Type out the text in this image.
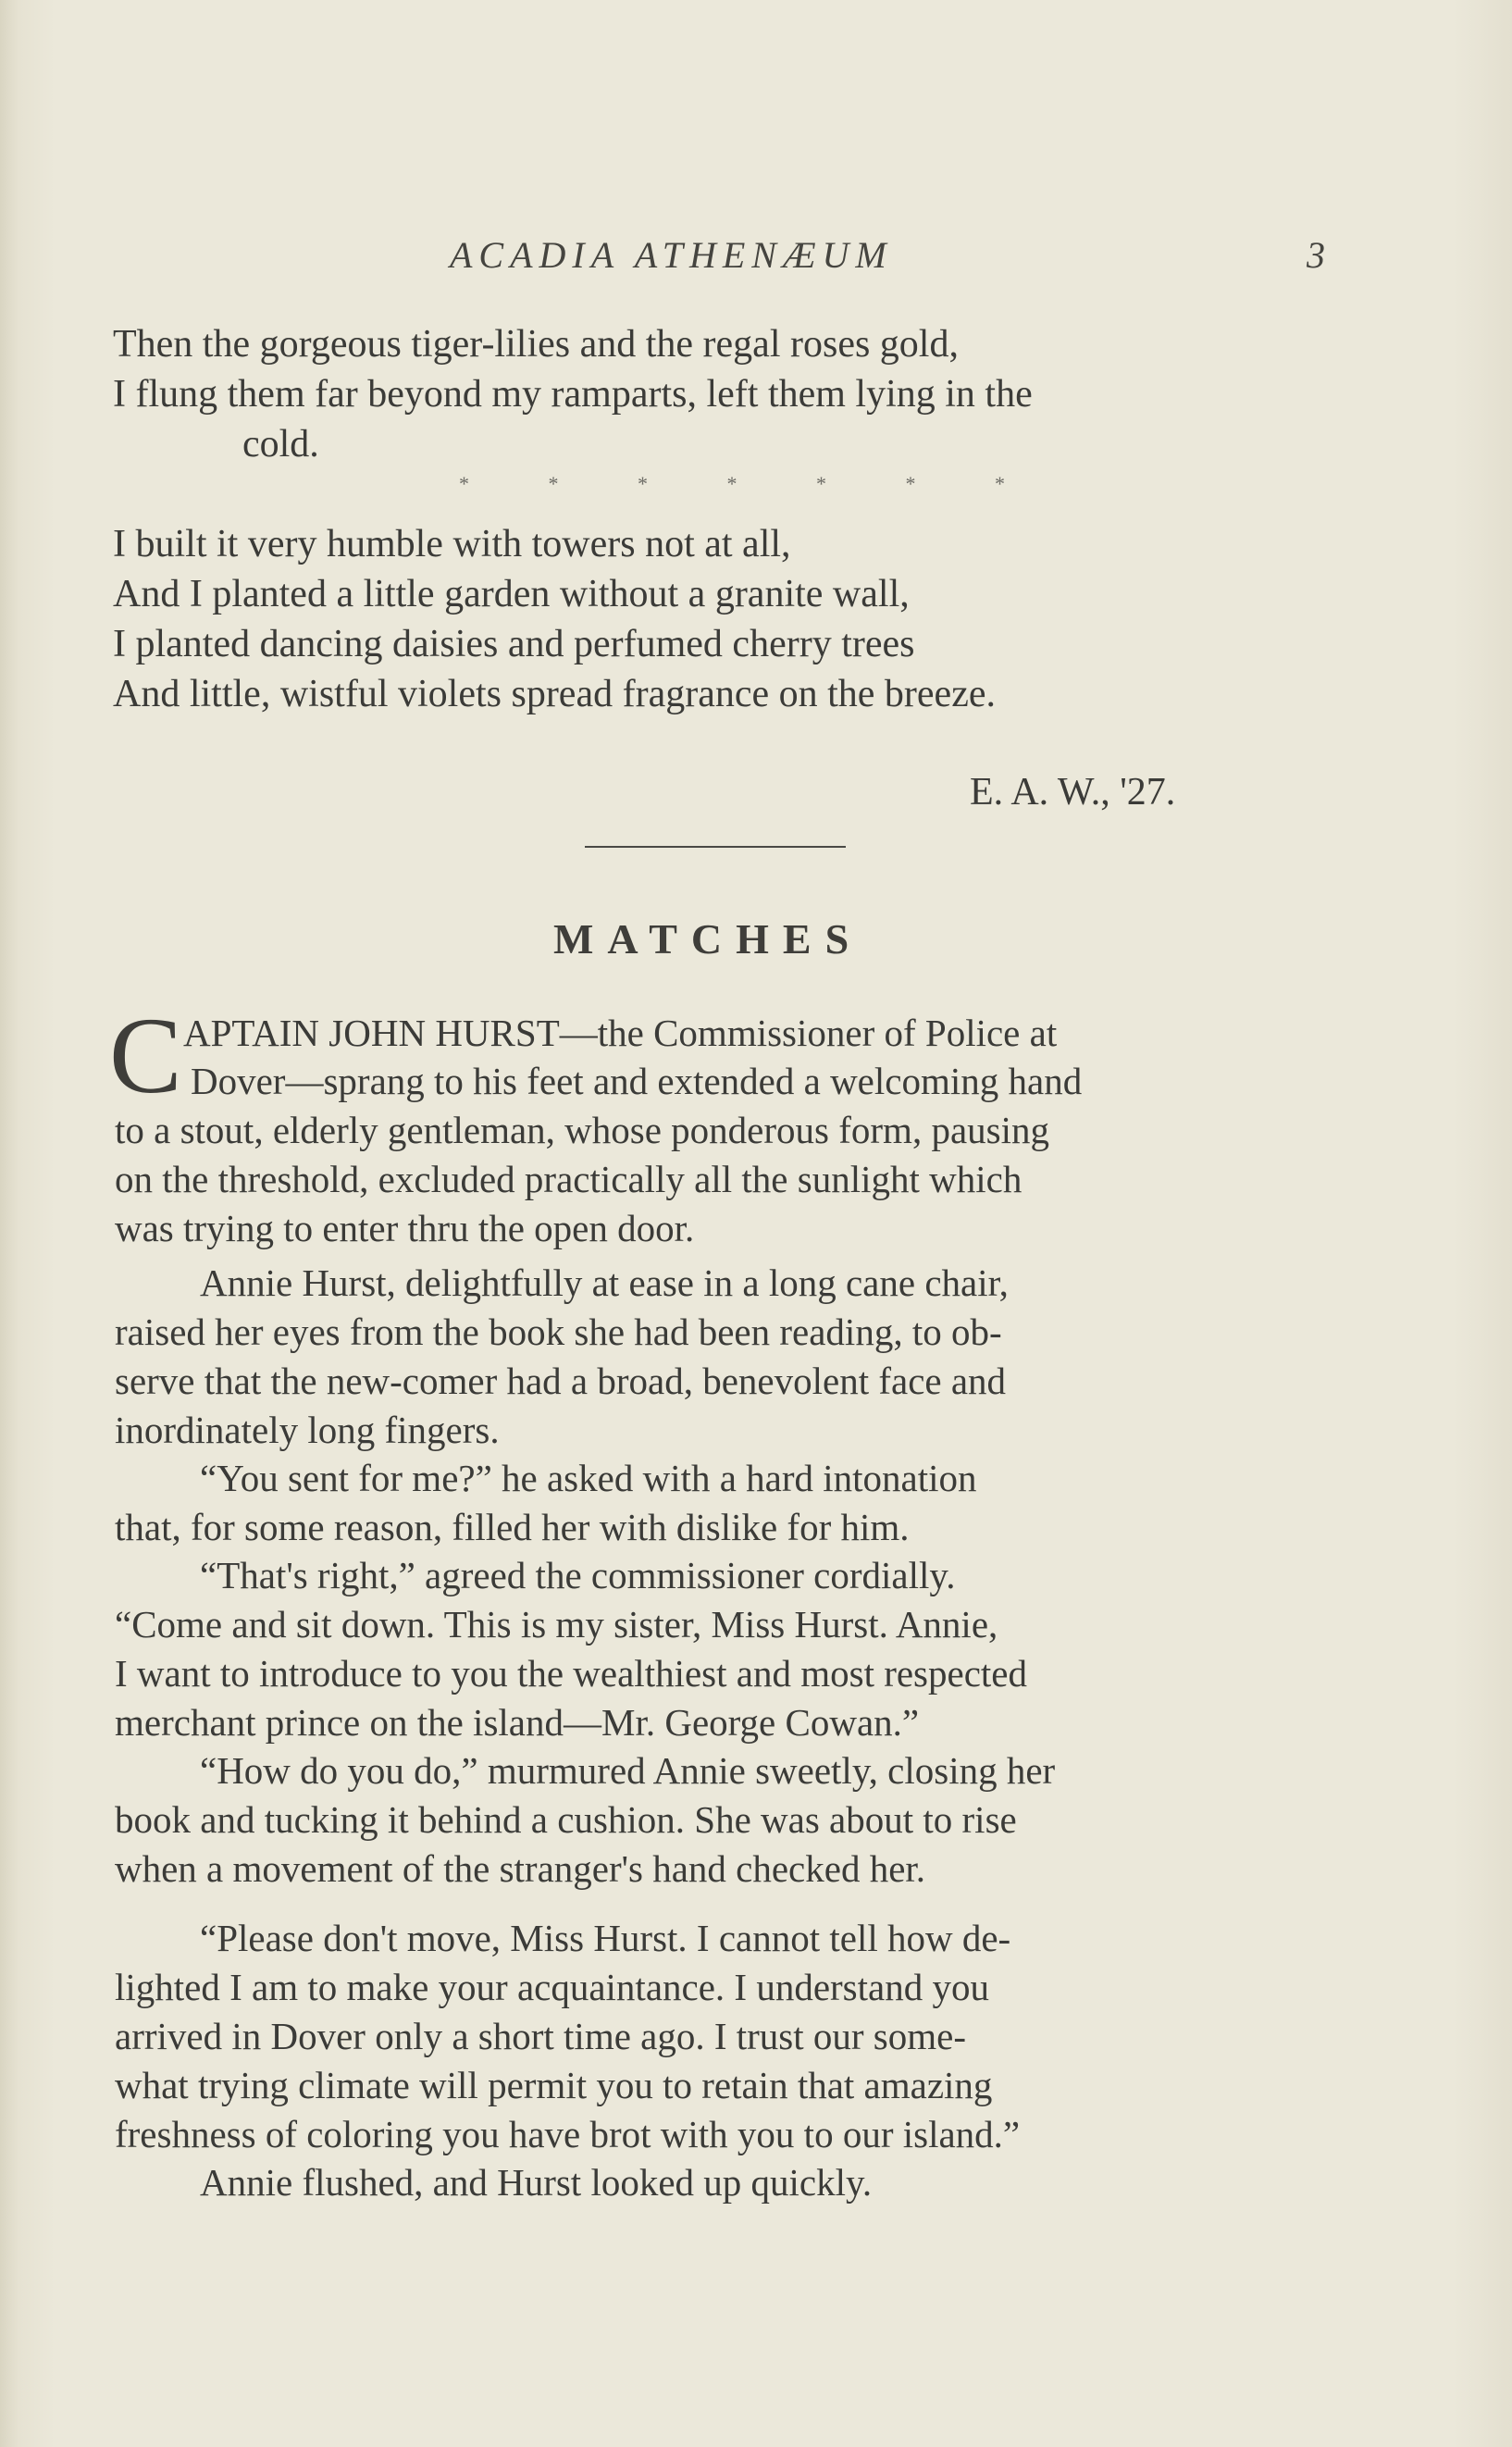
ACADIA ATHENÆUM	3
Then the gorgeous tiger-lilies and the regal roses gold,
I flung them far beyond my ramparts, left them lying in the
cold.
*	*	*	*	*	*	*
I built it very humble with towers not at all,
And I planted a little garden without a granite wall,
I planted dancing daisies and perfumed cherry trees
And little, wistful violets spread fragrance on the breeze.
E. A. W., '27.
MATCHES
C APTAIN JOHN HURST—the Commissioner of Police at
Dover—sprang to his feet and extended a welcoming hand
to a stout, elderly gentleman, whose ponderous form, pausing
on the threshold, excluded practically all the sunlight which
was trying to enter thru the open door.
Annie Hurst, delightfully at ease in a long cane chair,
raised her eyes from the book she had been reading, to ob-
serve that the new-comer had a broad, benevolent face and
inordinately long fingers.
“You sent for me?” he asked with a hard intonation
that, for some reason, filled her with dislike for him.
“That's right,” agreed the commissioner cordially.
“Come and sit down. This is my sister, Miss Hurst. Annie,
I want to introduce to you the wealthiest and most respected
merchant prince on the island—Mr. George Cowan.”
“How do you do,” murmured Annie sweetly, closing her
book and tucking it behind a cushion. She was about to rise
when a movement of the stranger's hand checked her.
“Please don't move, Miss Hurst. I cannot tell how de-
lighted I am to make your acquaintance. I understand you
arrived in Dover only a short time ago. I trust our some-
what trying climate will permit you to retain that amazing
freshness of coloring you have brot with you to our island.”
Annie flushed, and Hurst looked up quickly.
